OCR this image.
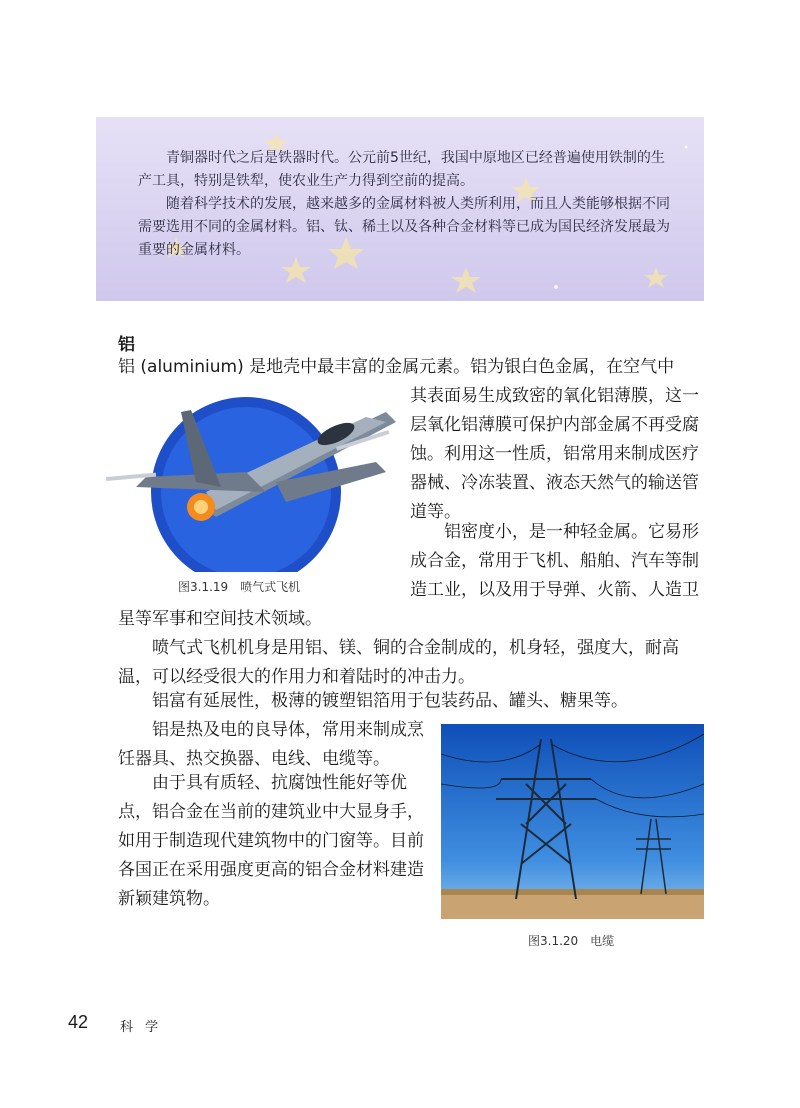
青铜器时代之后是铁器时代。公元前5世纪，我国中原地区已经普遍使用铁制的生产工具，特别是铁犁，使农业生产力得到空前的提高。

随着科学技术的发展，越来越多的金属材料被人类所利用，而且人类能够根据不同需要选用不同的金属材料。铝、钛、稀土以及各种合金材料等已成为国民经济发展最为重要的金属材料。

铝

铝 (aluminium) 是地壳中最丰富的金属元素。铝为银白色金属，在空气中

其表面易生成致密的氧化铝薄膜，这一层氧化铝薄膜可保护内部金属不再受腐蚀。利用这一性质，铝常用来制成医疗器械、冷冻装置、液态天然气的输送管道等。

图3.1.19　喷气式飞机

铝密度小，是一种轻金属。它易形成合金，常用于飞机、船舶、汽车等制造工业，以及用于导弹、火箭、人造卫

星等军事和空间技术领域。

喷气式飞机机身是用铝、镁、铜的合金制成的，机身轻，强度大，耐高温，可以经受很大的作用力和着陆时的冲击力。

铝富有延展性，极薄的镀塑铝箔用于包装药品、罐头、糖果等。

铝是热及电的良导体，常用来制成烹饪器具、热交换器、电线、电缆等。

由于具有质轻、抗腐蚀性能好等优点，铝合金在当前的建筑业中大显身手，如用于制造现代建筑物中的门窗等。目前各国正在采用强度更高的铝合金材料建造新颖建筑物。

图3.1.20　电缆
42 科 学
